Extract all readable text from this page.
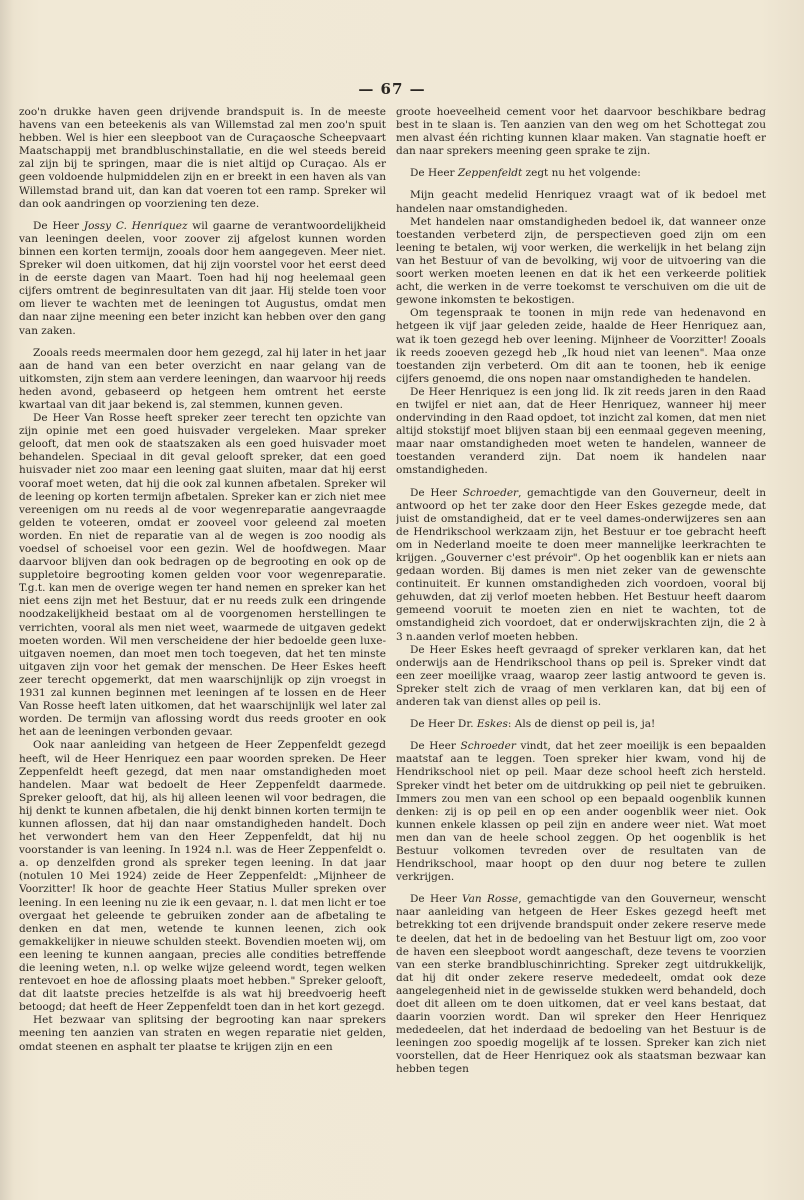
— 67 —

zoo'n drukke haven geen drijvende brandspuit is. In de meeste havens van een beteekenis als van Willemstad zal men zoo'n spuit hebben. Wel is hier een sleepboot van de Curaçaosche Scheepvaart Maatschappij met brandbluschinstallatie, en die wel steeds bereid zal zijn bij te springen, maar die is niet altijd op Curaçao. Als er geen voldoende hulpmiddelen zijn en er breekt in een haven als van Willemstad brand uit, dan kan dat voeren tot een ramp. Spreker wil dan ook aandringen op voorziening ten deze.

De Heer Jossy C. Henriquez wil gaarne de verantwoordelijkheid van leeningen deelen, voor zoover zij afgelost kunnen worden binnen een korten termijn, zooals door hem aangegeven. Meer niet. Spreker wil doen uitkomen, dat hij zijn voorstel voor het eerst deed in de eerste dagen van Maart. Toen had hij nog heelemaal geen cijfers omtrent de beginresultaten van dit jaar. Hij stelde toen voor om liever te wachten met de leeningen tot Augustus, omdat men dan naar zijne meening een beter inzicht kan hebben over den gang van zaken.

Zooals reeds meermalen door hem gezegd, zal hij later in het jaar aan de hand van een beter overzicht en naar gelang van de uitkomsten, zijn stem aan verdere leeningen, dan waarvoor hij reeds heden avond, gebaseerd op hetgeen hem omtrent het eerste kwartaal van dit jaar bekend is, zal stemmen, kunnen geven.

De Heer Van Rosse heeft spreker zeer terecht ten opzichte van zijn opinie met een goed huisvader vergeleken. Maar spreker gelooft, dat men ook de staatszaken als een goed huisvader moet behandelen. Speciaal in dit geval gelooft spreker, dat een goed huisvader niet zoo maar een leening gaat sluiten, maar dat hij eerst vooraf moet weten, dat hij die ook zal kunnen afbetalen. Spreker wil de leening op korten termijn afbetalen. Spreker kan er zich niet mee vereenigen om nu reeds al de voor wegenreparatie aangevraagde gelden te voteeren, omdat er zooveel voor geleend zal moeten worden. En niet de reparatie van al de wegen is zoo noodig als voedsel of schoeisel voor een gezin. Wel de hoofdwegen. Maar daarvoor blijven dan ook bedragen op de begrooting en ook op de suppletoire begrooting komen gelden voor voor wegenreparatie. T.g.t. kan men de overige wegen ter hand nemen en spreker kan het niet eens zijn met het Bestuur, dat er nu reeds zulk een dringende noodzakelijkheid bestaat om al de voorgenomen herstellingen te verrichten, vooral als men niet weet, waarmede de uitgaven gedekt moeten worden. Wil men verscheidene der hier bedoelde geen luxe-uitgaven noemen, dan moet men toch toegeven, dat het ten minste uitgaven zijn voor het gemak der menschen. De Heer Eskes heeft zeer terecht opgemerkt, dat men waarschijnlijk op zijn vroegst in 1931 zal kunnen beginnen met leeningen af te lossen en de Heer Van Rosse heeft laten uitkomen, dat het waarschijnlijk wel later zal worden. De termijn van aflossing wordt dus reeds grooter en ook het aan de leeningen verbonden gevaar.

Ook naar aanleiding van hetgeen de Heer Zeppenfeldt gezegd heeft, wil de Heer Henriquez een paar woorden spreken. De Heer Zeppenfeldt heeft gezegd, dat men naar omstandigheden moet handelen. Maar wat bedoelt de Heer Zeppenfeldt daarmede. Spreker gelooft, dat hij, als hij alleen leenen wil voor bedragen, die hij denkt te kunnen afbetalen, die hij denkt binnen korten termijn te kunnen aflossen, dat hij dan naar omstandigheden handelt. Doch het verwondert hem van den Heer Zeppenfeldt, dat hij nu voorstander is van leening. In 1924 n.l. was de Heer Zeppenfeldt o. a. op denzelfden grond als spreker tegen leening. In dat jaar (notulen 10 Mei 1924) zeide de Heer Zeppenfeldt: „Mijnheer de Voorzitter! Ik hoor de geachte Heer Statius Muller spreken over leening. In een leening nu zie ik een gevaar, n. l. dat men licht er toe overgaat het geleende te gebruiken zonder aan de afbetaling te denken en dat men, wetende te kunnen leenen, zich ook gemakkelijker in nieuwe schulden steekt. Bovendien moeten wij, om een leening te kunnen aangaan, precies alle condities betreffende die leening weten, n.l. op welke wijze geleend wordt, tegen welken rentevoet en hoe de aflossing plaats moet hebben." Spreker gelooft, dat dit laatste precies hetzelfde is als wat hij breedvoerig heeft betoogd; dat heeft de Heer Zeppenfeldt toen dan in het kort gezegd.

Het bezwaar van splitsing der begrooting kan naar sprekers meening ten aanzien van straten en wegen reparatie niet gelden, omdat steenen en asphalt ter plaatse te krijgen zijn en een

groote hoeveelheid cement voor het daarvoor beschikbare bedrag best in te slaan is. Ten aanzien van den weg om het Schottegat zou men alvast één richting kunnen klaar maken. Van stagnatie hoeft er dan naar sprekers meening geen sprake te zijn.

De Heer Zeppenfeldt zegt nu het volgende:

Mijn geacht medelid Henriquez vraagt wat of ik bedoel met handelen naar omstandigheden.

Met handelen naar omstandigheden bedoel ik, dat wanneer onze toestanden verbeterd zijn, de perspectieven goed zijn om een leening te betalen, wij voor werken, die werkelijk in het belang zijn van het Bestuur of van de bevolking, wij voor de uitvoering van die soort werken moeten leenen en dat ik het een verkeerde politiek acht, die werken in de verre toekomst te verschuiven om die uit de gewone inkomsten te bekostigen.

Om tegenspraak te toonen in mijn rede van hedenavond en hetgeen ik vijf jaar geleden zeide, haalde de Heer Henriquez aan, wat ik toen gezegd heb over leening. Mijnheer de Voorzitter! Zooals ik reeds zooeven gezegd heb „Ik houd niet van leenen". Maa onze toestanden zijn verbeterd. Om dit aan te toonen, heb ik eenige cijfers genoemd, die ons nopen naar omstandigheden te handelen.

De Heer Henriquez is een jong lid. Ik zit reeds jaren in den Raad en twijfel er niet aan, dat de Heer Henriquez, wanneer hij meer ondervinding in den Raad opdoet, tot inzicht zal komen, dat men niet altijd stokstijf moet blijven staan bij een eenmaal gegeven meening, maar naar omstandigheden moet weten te handelen, wanneer de toestanden veranderd zijn. Dat noem ik handelen naar omstandigheden.

De Heer Schroeder, gemachtigde van den Gouverneur, deelt in antwoord op het ter zake door den Heer Eskes gezegde mede, dat juist de omstandigheid, dat er te veel dames-onderwijzeres sen aan de Hendrikschool werkzaam zijn, het Bestuur er toe gebracht heeft om in Nederland moeite te doen meer mannelijke leerkrachten te krijgen. „Gouverner c'est prévoir". Op het oogenblik kan er niets aan gedaan worden. Bij dames is men niet zeker van de gewenschte continuiteit. Er kunnen omstandigheden zich voordoen, vooral bij gehuwden, dat zij verlof moeten hebben. Het Bestuur heeft daarom gemeend vooruit te moeten zien en niet te wachten, tot de omstandigheid zich voordoet, dat er onderwijskrachten zijn, die 2 à 3 n.aanden verlof moeten hebben.

De Heer Eskes heeft gevraagd of spreker verklaren kan, dat het onderwijs aan de Hendrikschool thans op peil is. Spreker vindt dat een zeer moeilijke vraag, waarop zeer lastig antwoord te geven is. Spreker stelt zich de vraag of men verklaren kan, dat bij een of anderen tak van dienst alles op peil is.

De Heer Dr. Eskes: Als de dienst op peil is, ja!

De Heer Schroeder vindt, dat het zeer moeilijk is een bepaalden maatstaf aan te leggen. Toen spreker hier kwam, vond hij de Hendrikschool niet op peil. Maar deze school heeft zich hersteld. Spreker vindt het beter om de uitdrukking op peil niet te gebruiken. Immers zou men van een school op een bepaald oogenblik kunnen denken: zij is op peil en op een ander oogenblik weer niet. Ook kunnen enkele klassen op peil zijn en andere weer niet. Wat moet men dan van de heele school zeggen. Op het oogenblik is het Bestuur volkomen tevreden over de resultaten van de Hendrikschool, maar hoopt op den duur nog betere te zullen verkrijgen.

De Heer Van Rosse, gemachtigde van den Gouverneur, wenscht naar aanleiding van hetgeen de Heer Eskes gezegd heeft met betrekking tot een drijvende brandspuit onder zekere reserve mede te deelen, dat het in de bedoeling van het Bestuur ligt om, zoo voor de haven een sleepboot wordt aangeschaft, deze tevens te voorzien van een sterke brandbluschinrichting. Spreker zegt uitdrukkelijk, dat hij dit onder zekere reserve mededeelt, omdat ook deze aangelegenheid niet in de gewisselde stukken werd behandeld, doch doet dit alleen om te doen uitkomen, dat er veel kans bestaat, dat daarin voorzien wordt. Dan wil spreker den Heer Henriquez mededeelen, dat het inderdaad de bedoeling van het Bestuur is de leeningen zoo spoedig mogelijk af te lossen. Spreker kan zich niet voorstellen, dat de Heer Henriquez ook als staatsman bezwaar kan hebben tegen
